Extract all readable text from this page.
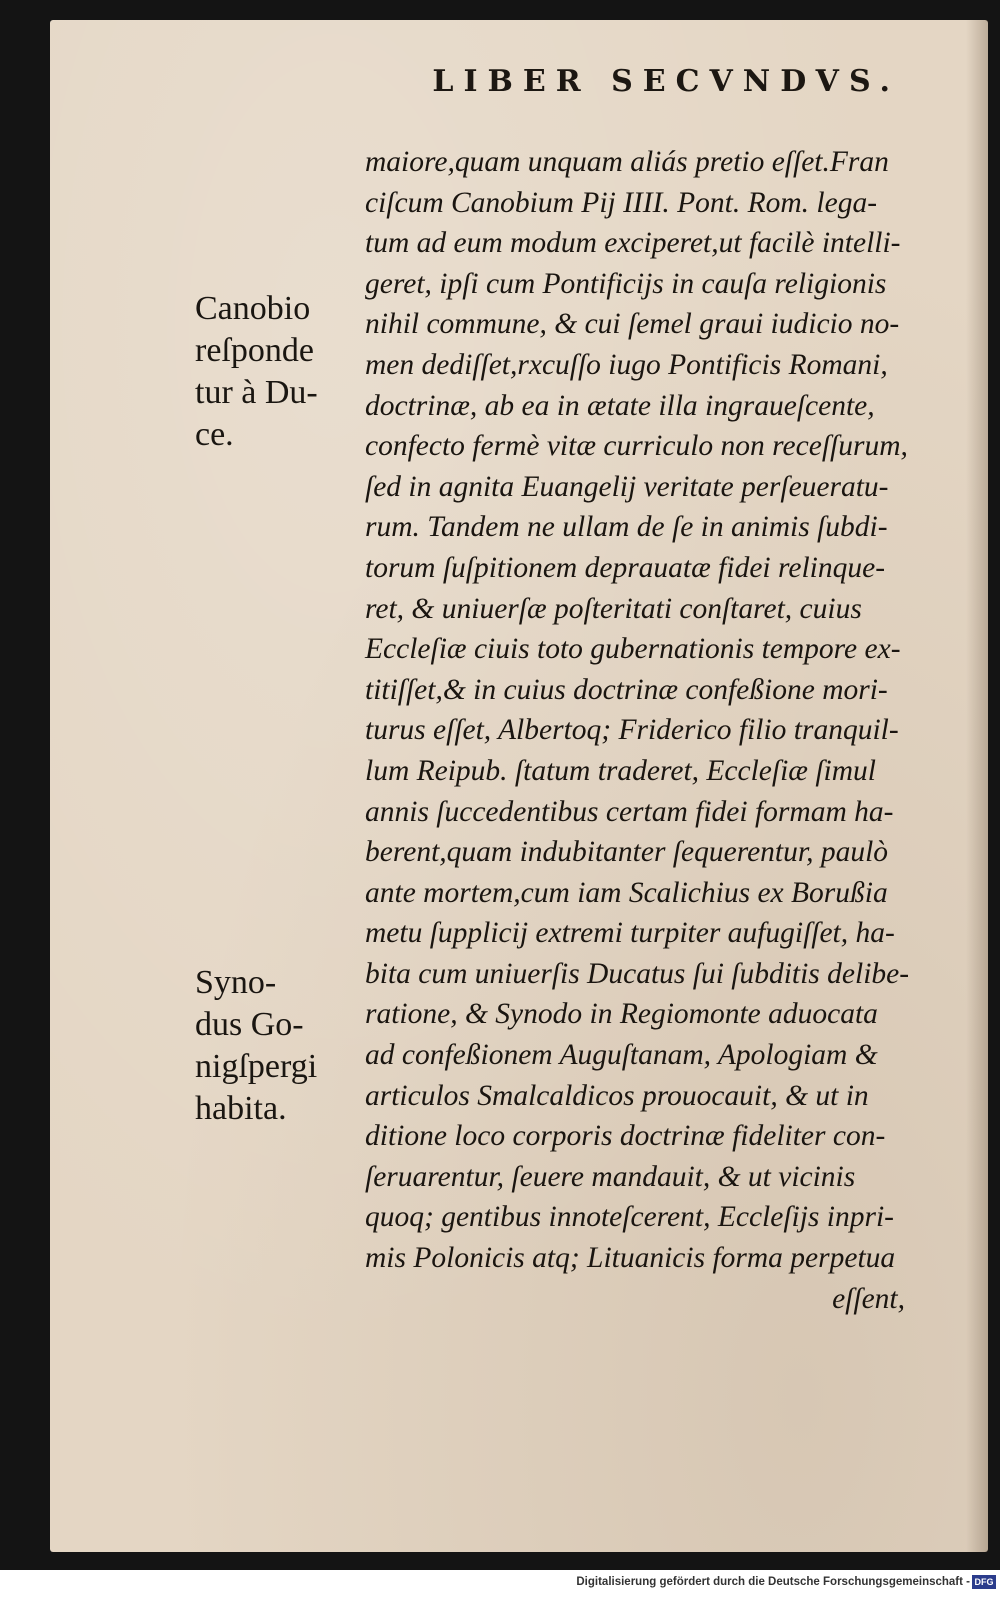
LIBER SECVNDVS.
Canobio
reſponde
tur à Du-
ce.
Syno-
dus Go-
nigſpergi
habita.
maiore,quam unquam aliás pretio eſſet.Fran
ciſcum Canobium Pij IIII. Pont. Rom. lega-
tum ad eum modum exciperet,ut facilè intelli-
geret, ipſi cum Pontificijs in cauſa religionis
nihil commune, & cui ſemel graui iudicio no-
men dediſſet,rxcuſſo iugo Pontificis Romani,
doctrinæ, ab ea in ætate illa ingraueſcente,
confecto fermè vitæ curriculo non receſſurum,
ſed in agnita Euangelij veritate perſeueratu-
rum. Tandem ne ullam de ſe in animis ſubdi-
torum ſuſpitionem deprauatæ fidei relinque-
ret, & uniuerſæ poſteritati conſtaret, cuius
Eccleſiæ ciuis toto gubernationis tempore ex-
titiſſet,& in cuius doctrinæ confeßione mori-
turus eſſet, Albertoq; Friderico filio tranquil-
lum Reipub. ſtatum traderet, Eccleſiæ ſimul
annis ſuccedentibus certam fidei formam ha-
berent,quam indubitanter ſequerentur, paulò
ante mortem,cum iam Scalichius ex Borußia
metu ſupplicij extremi turpiter aufugiſſet, ha-
bita cum uniuerſis Ducatus ſui ſubditis delibe-
ratione, & Synodo in Regiomonte aduocata
ad confeßionem Auguſtanam, Apologiam &
articulos Smalcaldicos prouocauit, & ut in
ditione loco corporis doctrinæ fideliter con-
ſeruarentur, ſeuere mandauit, & ut vicinis
quoq; gentibus innoteſcerent, Eccleſijs inpri-
mis Polonicis atq; Lituanicis forma perpetua
eſſent,
Digitalisierung gefördert durch die Deutsche Forschungsgemeinschaft - DFG
